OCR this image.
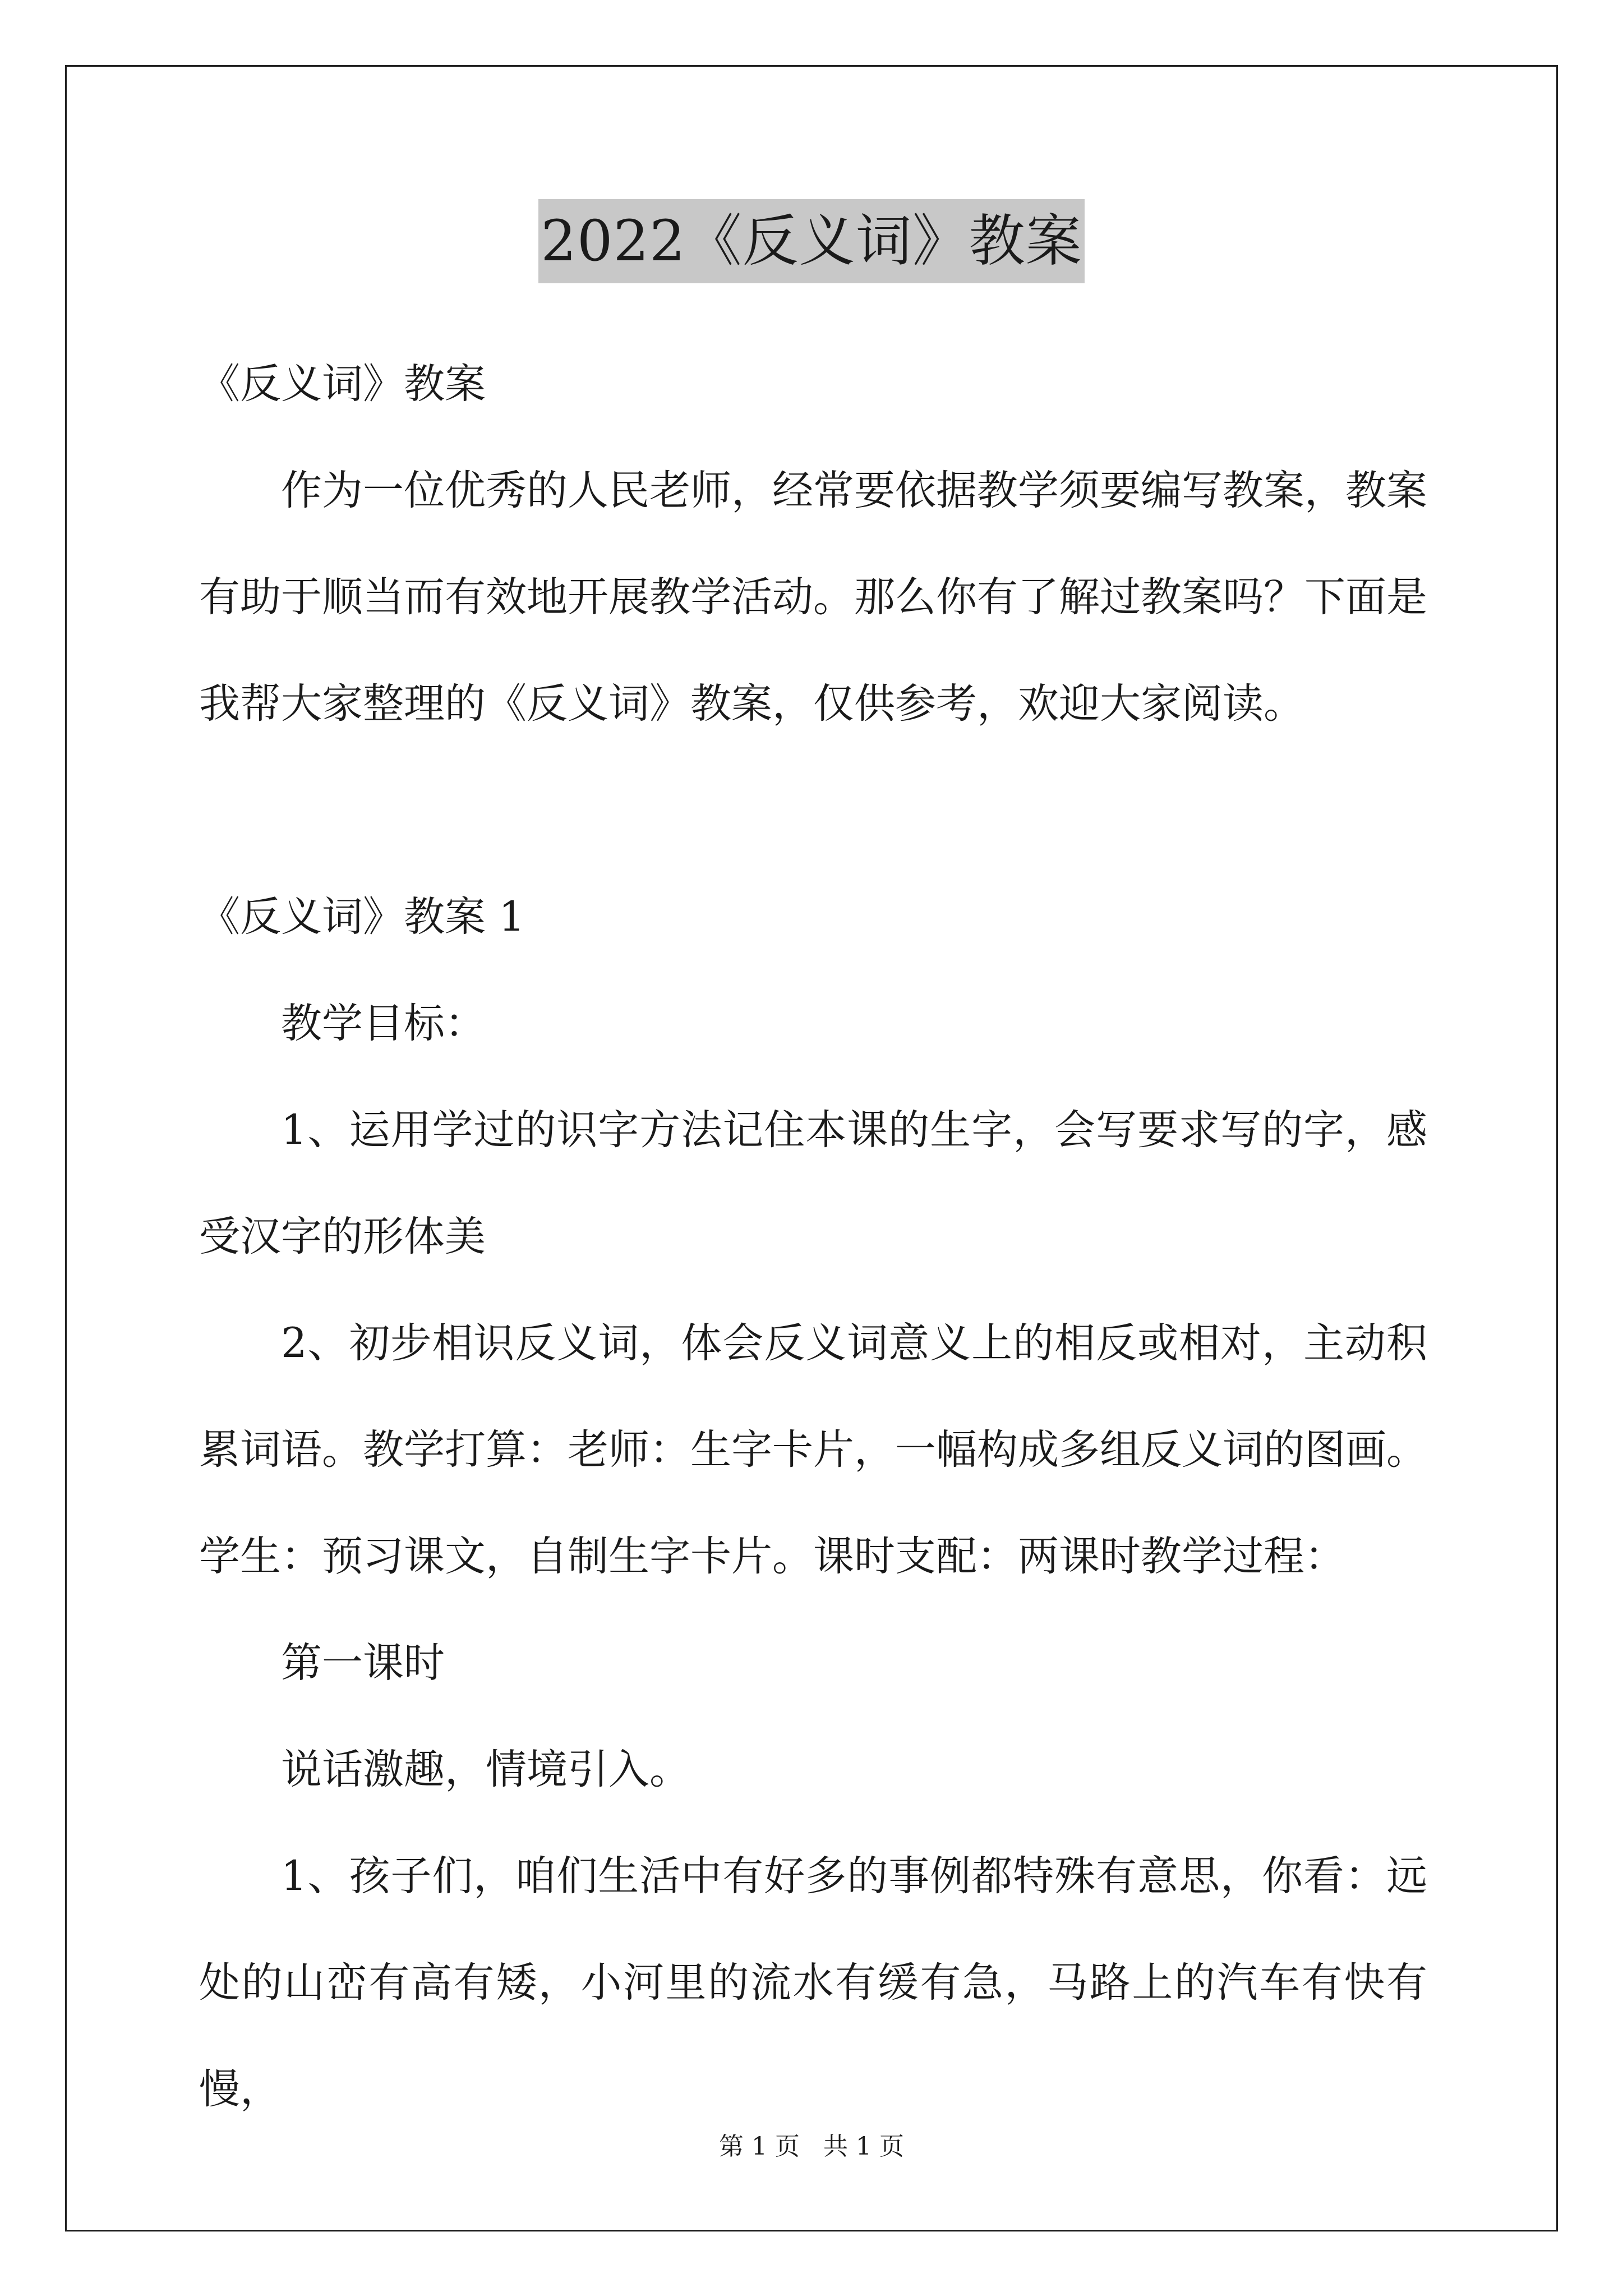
2022《反义词》教案

《反义词》教案

作为一位优秀的人民老师，经常要依据教学须要编写教案，教案有助于顺当而有效地开展教学活动。那么你有了解过教案吗？下面是我帮大家整理的《反义词》教案，仅供参考，欢迎大家阅读。

《反义词》教案 1

教学目标：

1、运用学过的识字方法记住本课的生字，会写要求写的字，感受汉字的形体美

2、初步相识反义词，体会反义词意义上的相反或相对，主动积累词语。教学打算：老师：生字卡片，一幅构成多组反义词的图画。学生：预习课文，自制生字卡片。课时支配：两课时教学过程：

第一课时

说话激趣，情境引入。

1、孩子们，咱们生活中有好多的事例都特殊有意思，你看：远处的山峦有高有矮，小河里的流水有缓有急，马路上的汽车有快有慢，

第 1 页 共 1 页
